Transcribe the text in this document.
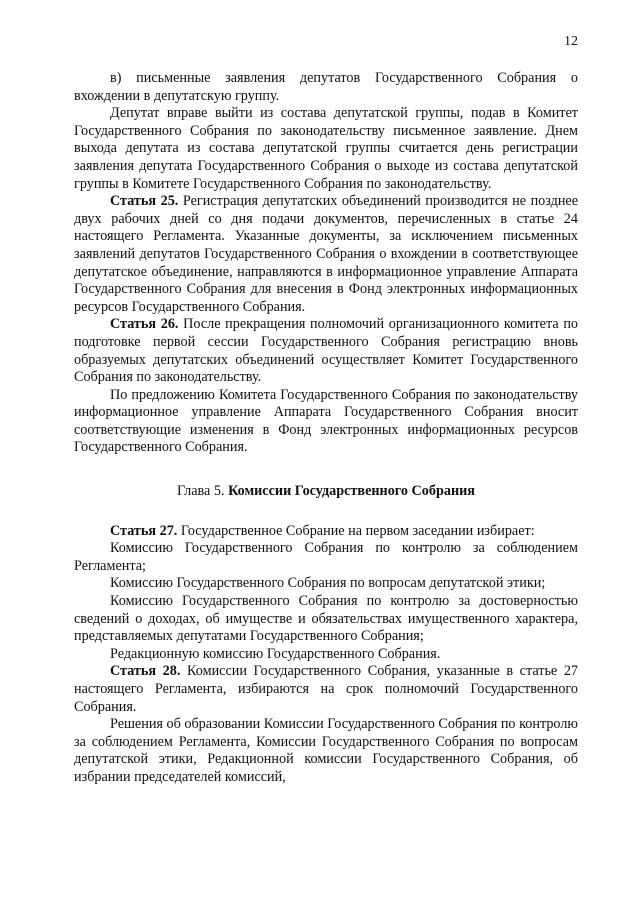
12

в) письменные заявления депутатов Государственного Собрания о вхождении в депутатскую группу.

Депутат вправе выйти из состава депутатской группы, подав в Комитет Государственного Собрания по законодательству письменное заявление. Днем выхода депутата из состава депутатской группы считается день регистрации заявления депутата Государственного Собрания о выходе из состава депутатской группы в Комитете Государственного Собрания по законодательству.

Статья 25. Регистрация депутатских объединений производится не позднее двух рабочих дней со дня подачи документов, перечисленных в статье 24 настоящего Регламента. Указанные документы, за исключением письменных заявлений депутатов Государственного Собрания о вхождении в соответствующее депутатское объединение, направляются в информационное управление Аппарата Государственного Собрания для внесения в Фонд электронных информационных ресурсов Государственного Собрания.

Статья 26. После прекращения полномочий организационного комитета по подготовке первой сессии Государственного Собрания регистрацию вновь образуемых депутатских объединений осуществляет Комитет Государственного Собрания по законодательству.

По предложению Комитета Государственного Собрания по законодательству информационное управление Аппарата Государственного Собрания вносит соответствующие изменения в Фонд электронных информационных ресурсов Государственного Собрания.

Глава 5. Комиссии Государственного Собрания

Статья 27. Государственное Собрание на первом заседании избирает:

Комиссию Государственного Собрания по контролю за соблюдением Регламента;

Комиссию Государственного Собрания по вопросам депутатской этики;

Комиссию Государственного Собрания по контролю за достоверностью сведений о доходах, об имуществе и обязательствах имущественного характера, представляемых депутатами Государственного Собрания;

Редакционную комиссию Государственного Собрания.

Статья 28. Комиссии Государственного Собрания, указанные в статье 27 настоящего Регламента, избираются на срок полномочий Государственного Собрания.

Решения об образовании Комиссии Государственного Собрания по контролю за соблюдением Регламента, Комиссии Государственного Собрания по вопросам депутатской этики, Редакционной комиссии Государственного Собрания, об избрании председателей комиссий,
